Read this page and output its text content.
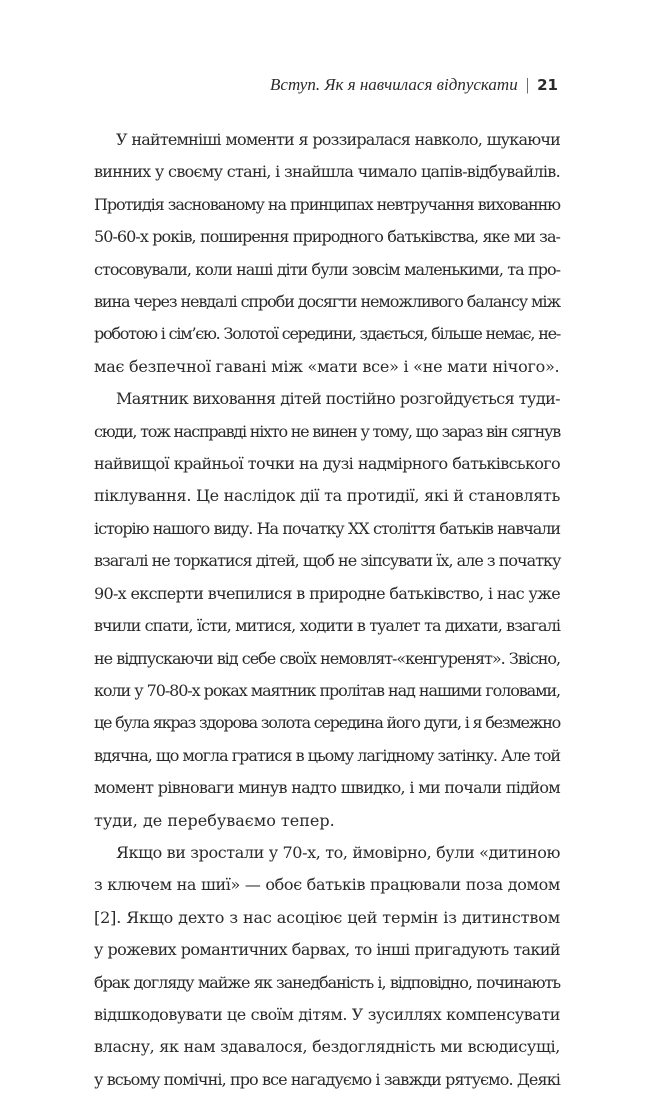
Вступ. Як я навчилася відпускати | 21

У найтемніші моменти я роззиралася навколо, шукаючи
винних у своєму стані, і знайшла чимало цапів-відбувайлів.
Протидія заснованому на принципах невтручання вихованню
50-60-х років, поширення природного батьківства, яке ми за-
стосовували, коли наші діти були зовсім маленькими, та про-
вина через невдалі спроби досягти неможливого балансу між
роботою і сім’єю. Золотої середини, здається, більше немає, не-
має безпечної гавані між «мати все» і «не мати нічого».

Маятник виховання дітей постійно розгойдується туди-
сюди, тож насправді ніхто не винен у тому, що зараз він сягнув
найвищої крайньої точки на дузі надмірного батьківського
піклування. Це наслідок дії та протидії, які й становлять
історію нашого виду. На початку ХХ століття батьків навчали
взагалі не торкатися дітей, щоб не зіпсувати їх, але з початку
90-х експерти вчепилися в природне батьківство, і нас уже
вчили спати, їсти, митися, ходити в туалет та дихати, взагалі
не відпускаючи від себе своїх немовлят-«кенгуренят». Звісно,
коли у 70-80-х роках маятник пролітав над нашими головами,
це була якраз здорова золота середина його дуги, і я безмежно
вдячна, що могла гратися в цьому лагідному затінку. Але той
момент рівноваги минув надто швидко, і ми почали підйом
туди, де перебуваємо тепер.

Якщо ви зростали у 70-х, то, ймовірно, були «дитиною
з ключем на шиї» — обоє батьків працювали поза домом
[2]. Якщо дехто з нас асоціює цей термін із дитинством
у рожевих романтичних барвах, то інші пригадують такий
брак догляду майже як занедбаність і, відповідно, починають
відшкодовувати це своїм дітям. У зусиллях компенсувати
власну, як нам здавалося, бездоглядність ми всюдисущі,
у всьому помічні, про все нагадуємо і завжди рятуємо. Деякі
